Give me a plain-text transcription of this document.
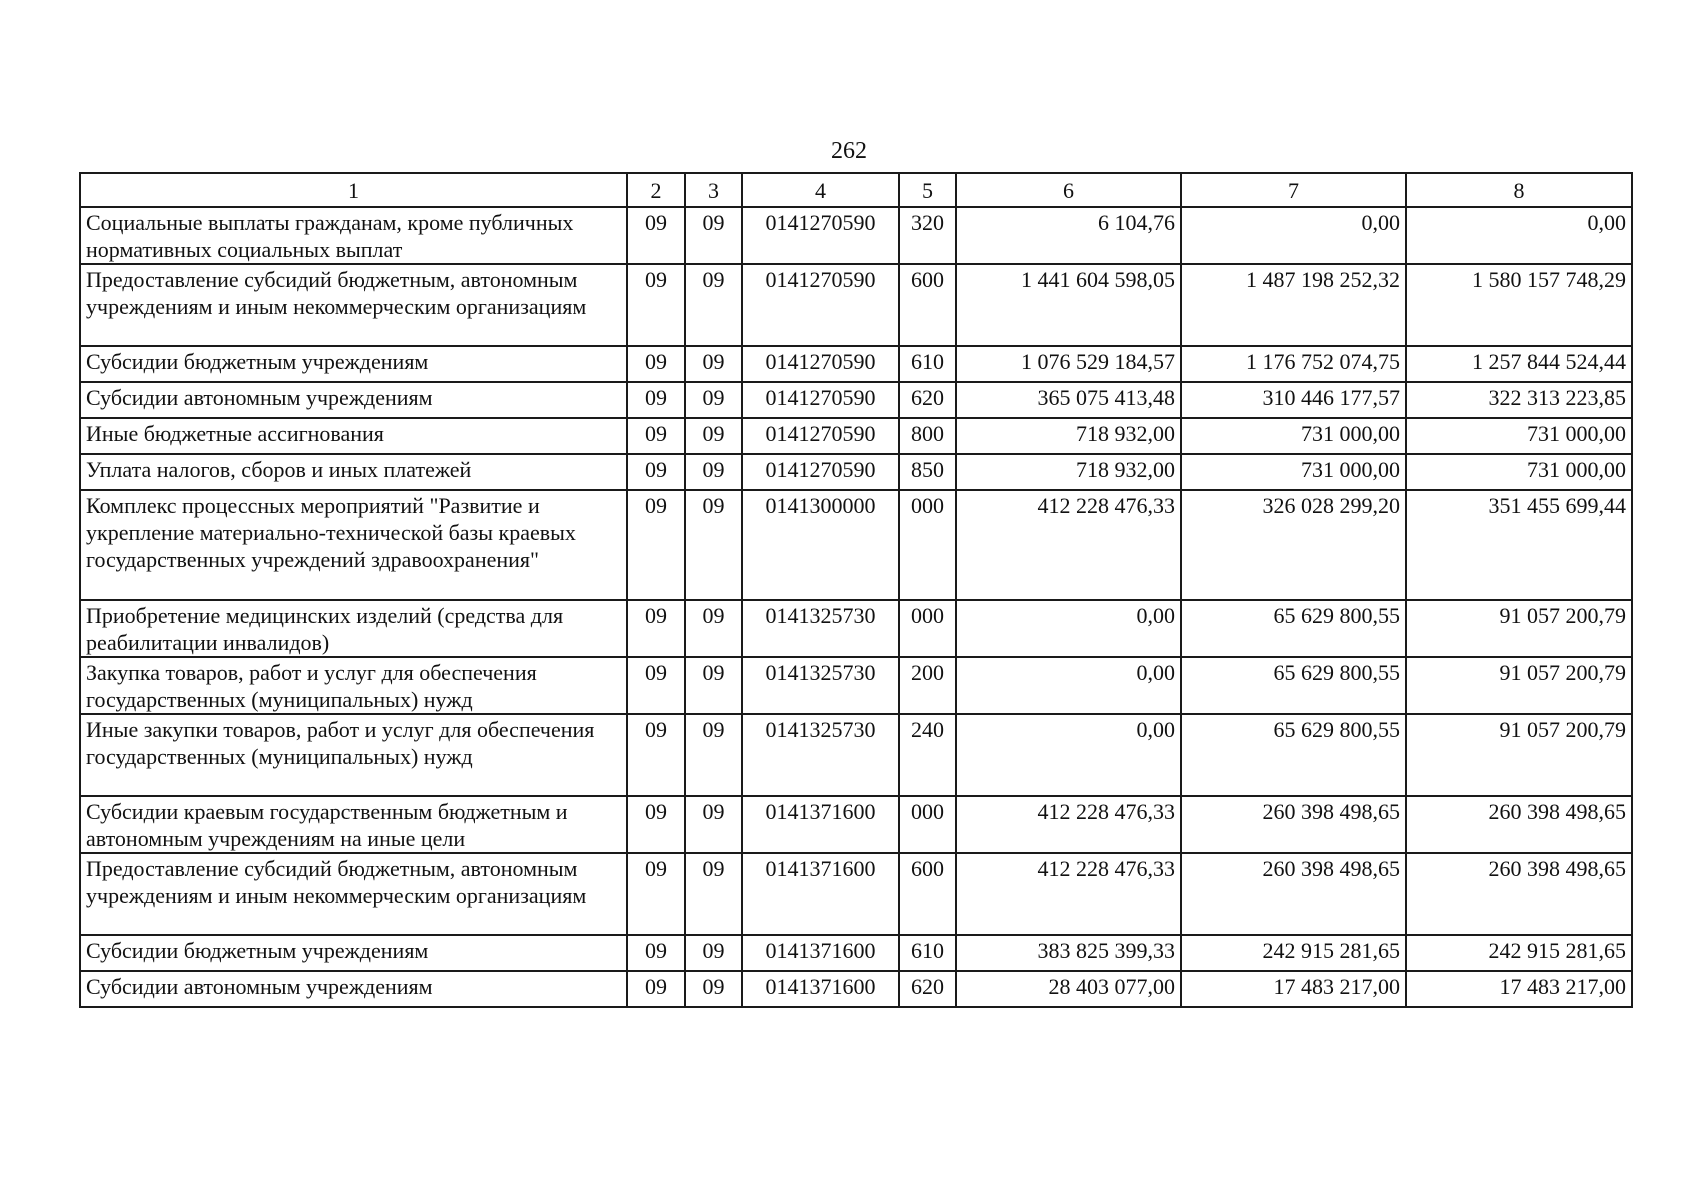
262
1	2	3	4	5	6	7	8
Социальные выплаты гражданам, кроме публичных нормативных социальных выплат	09	09	0141270590	320	6 104,76	0,00	0,00
Предоставление субсидий бюджетным, автономным учреждениям и иным некоммерческим организациям	09	09	0141270590	600	1 441 604 598,05	1 487 198 252,32	1 580 157 748,29
Субсидии бюджетным учреждениям	09	09	0141270590	610	1 076 529 184,57	1 176 752 074,75	1 257 844 524,44
Субсидии автономным учреждениям	09	09	0141270590	620	365 075 413,48	310 446 177,57	322 313 223,85
Иные бюджетные ассигнования	09	09	0141270590	800	718 932,00	731 000,00	731 000,00
Уплата налогов, сборов и иных платежей	09	09	0141270590	850	718 932,00	731 000,00	731 000,00
Комплекс процессных мероприятий "Развитие и укрепление материально-технической базы краевых государственных учреждений здравоохранения"	09	09	0141300000	000	412 228 476,33	326 028 299,20	351 455 699,44
Приобретение медицинских изделий (средства для реабилитации инвалидов)	09	09	0141325730	000	0,00	65 629 800,55	91 057 200,79
Закупка товаров, работ и услуг для обеспечения государственных (муниципальных) нужд	09	09	0141325730	200	0,00	65 629 800,55	91 057 200,79
Иные закупки товаров, работ и услуг для обеспечения государственных (муниципальных) нужд	09	09	0141325730	240	0,00	65 629 800,55	91 057 200,79
Субсидии краевым государственным бюджетным и автономным учреждениям на иные цели	09	09	0141371600	000	412 228 476,33	260 398 498,65	260 398 498,65
Предоставление субсидий бюджетным, автономным учреждениям и иным некоммерческим организациям	09	09	0141371600	600	412 228 476,33	260 398 498,65	260 398 498,65
Субсидии бюджетным учреждениям	09	09	0141371600	610	383 825 399,33	242 915 281,65	242 915 281,65
Субсидии автономным учреждениям	09	09	0141371600	620	28 403 077,00	17 483 217,00	17 483 217,00
